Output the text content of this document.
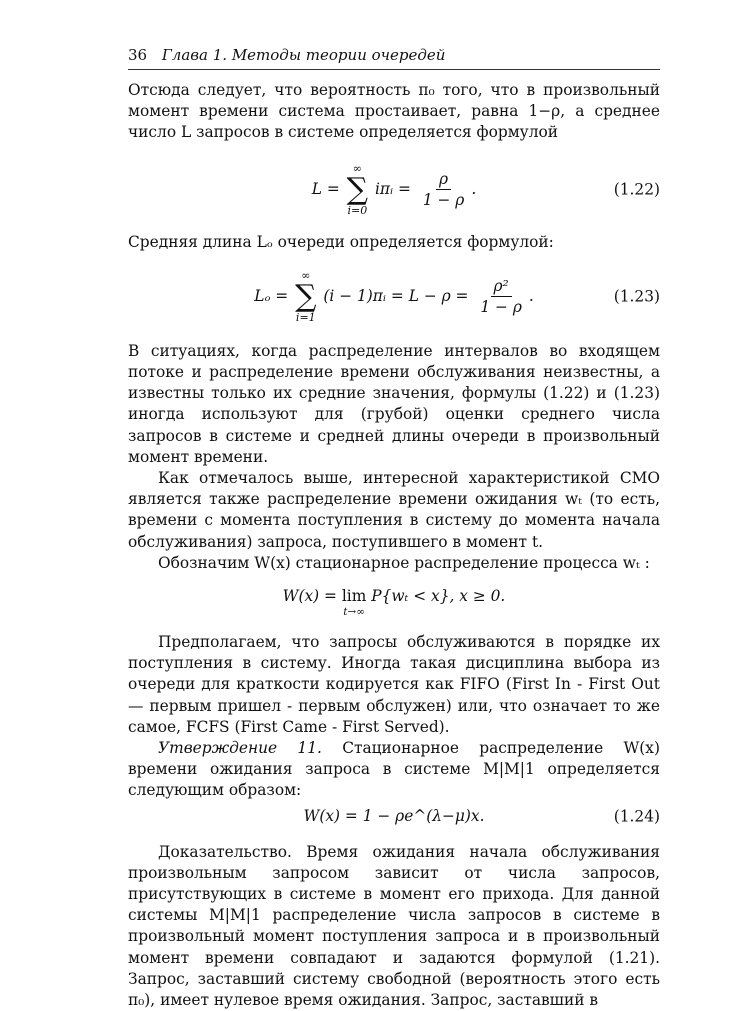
36 Глава 1. Методы теории очередей

Отсюда следует, что вероятность π₀ того, что в произвольный момент времени система простаивает, равна 1−ρ, а среднее число L запросов в системе определяется формулой

L =
∞
∑
i=0
iπᵢ = $\frac{\rho}{1 - \rho}$ .	(1.22)

Средняя длина Lₒ очереди определяется формулой:

Lₒ =
∞
∑
i=1
(i − 1)πᵢ = $L - \rho = \frac{\text{ρ²}}{1 - \rho}$ .	(1.23)

В ситуациях, когда распределение интервалов во входящем потоке и распределение времени обслуживания неизвестны, а известны только их средние значения, формулы (1.22) и (1.23) иногда используют для (грубой) оценки среднего числа запросов в системе и средней длины очереди в произвольный момент времени.

Как отмечалось выше, интересной характеристикой СМО является также распределение времени ожидания wₜ (то есть, времени с момента поступления в систему до момента начала обслуживания) запроса, поступившего в момент t.

Обозначим W(x) стационарное распределение процесса wₜ :

W(x) = lim
t→∞
P{wₜ < x}, x ≥ 0.

Предполагаем, что запросы обслуживаются в порядке их поступления в систему. Иногда такая дисциплина выбора из очереди для краткости кодируется как FIFO (First In - First Out — первым пришел - первым обслужен) или, что означает то же самое, FCFS (First Came - First Served).

Утверждение 11. Стационарное распределение W(x) времени ожидания запроса в системе M|M|1 определяется следующим образом:

W(x) = 1 − ρe^(λ−μ)x.	(1.24)

Доказательство. Время ожидания начала обслуживания произвольным запросом зависит от числа запросов, присутствующих в системе в момент его прихода. Для данной системы M|M|1 распределение числа запросов в системе в произвольный момент поступления запроса и в произвольный момент времени совпадают и задаются формулой (1.21). Запрос, заставший систему свободной (вероятность этого есть π₀), имеет нулевое время ожидания. Запрос, заставший в
